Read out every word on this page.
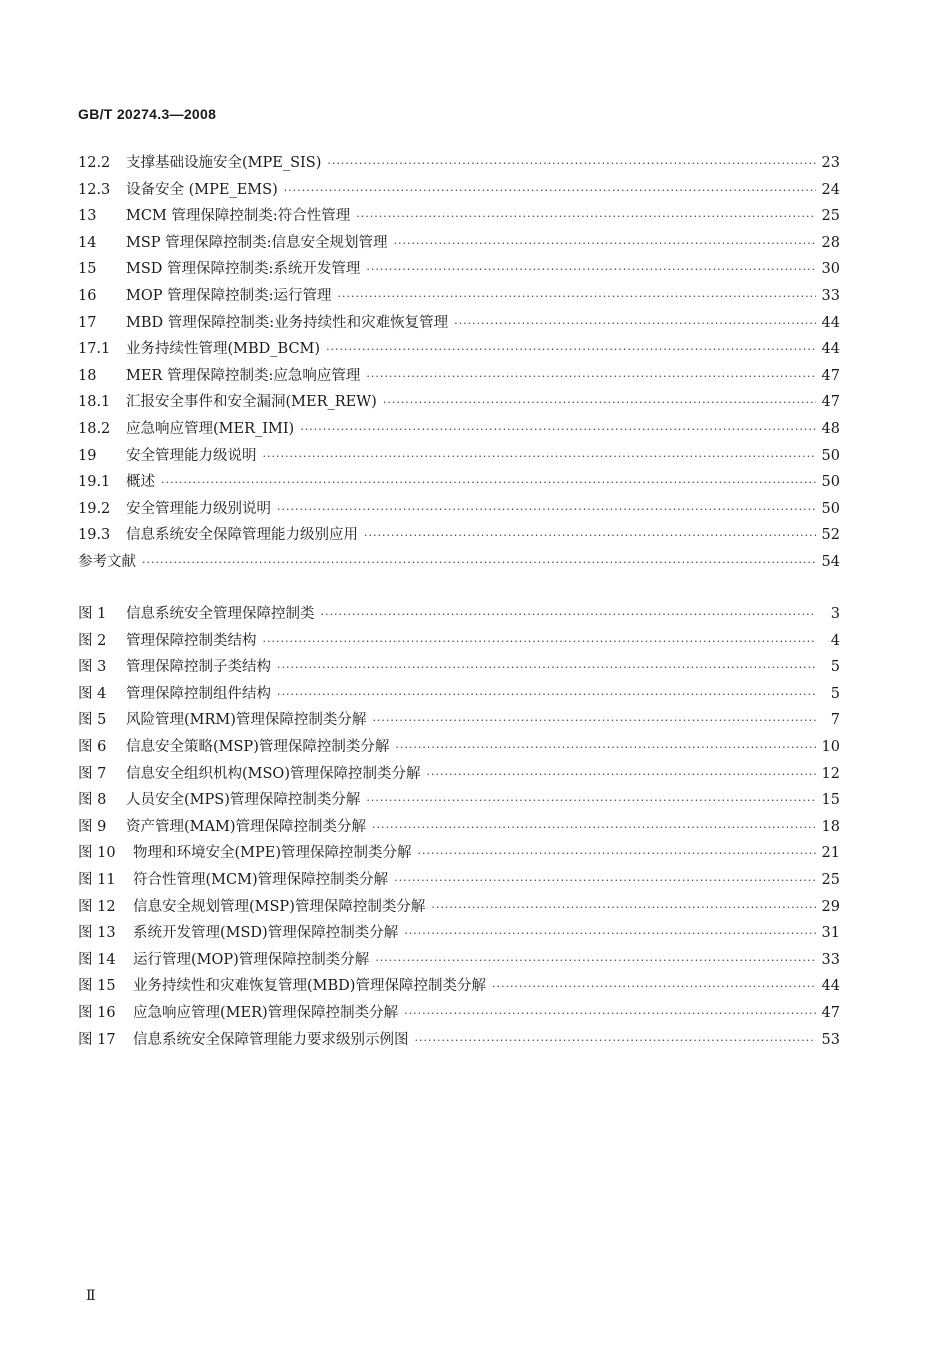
GB/T 20274.3—2008
12.2	支撑基础设施安全(MPE_SIS) ·····	23
12.3	设备安全 (MPE_EMS) ·····	24
13	MCM 管理保障控制类:符合性管理 ·····	25
14	MSP 管理保障控制类:信息安全规划管理 ·····	28
15	MSD 管理保障控制类:系统开发管理 ·····	30
16	MOP 管理保障控制类:运行管理 ·····	33
17	MBD 管理保障控制类:业务持续性和灾难恢复管理 ·····	44
17.1	业务持续性管理(MBD_BCM) ·····	44
18	MER 管理保障控制类:应急响应管理 ·····	47
18.1	汇报安全事件和安全漏洞(MER_REW) ·····	47
18.2	应急响应管理(MER_IMI) ·····	48
19	安全管理能力级说明 ·····	50
19.1	概述 ·····	50
19.2	安全管理能力级别说明 ·····	50
19.3	信息系统安全保障管理能力级别应用 ·····	52
参考文献 ·····	54
图 1	信息系统安全管理保障控制类 ·····	3
图 2	管理保障控制类结构 ·····	4
图 3	管理保障控制子类结构 ·····	5
图 4	管理保障控制组件结构 ·····	5
图 5	风险管理(MRM)管理保障控制类分解 ·····	7
图 6	信息安全策略(MSP)管理保障控制类分解 ·····	10
图 7	信息安全组织机构(MSO)管理保障控制类分解 ·····	12
图 8	人员安全(MPS)管理保障控制类分解 ·····	15
图 9	资产管理(MAM)管理保障控制类分解 ·····	18
图 10	物理和环境安全(MPE)管理保障控制类分解 ·····	21
图 11	符合性管理(MCM)管理保障控制类分解 ·····	25
图 12	信息安全规划管理(MSP)管理保障控制类分解 ·····	29
图 13	系统开发管理(MSD)管理保障控制类分解 ·····	31
图 14	运行管理(MOP)管理保障控制类分解 ·····	33
图 15	业务持续性和灾难恢复管理(MBD)管理保障控制类分解 ·····	44
图 16	应急响应管理(MER)管理保障控制类分解 ·····	47
图 17	信息系统安全保障管理能力要求级别示例图 ·····	53
Ⅱ
